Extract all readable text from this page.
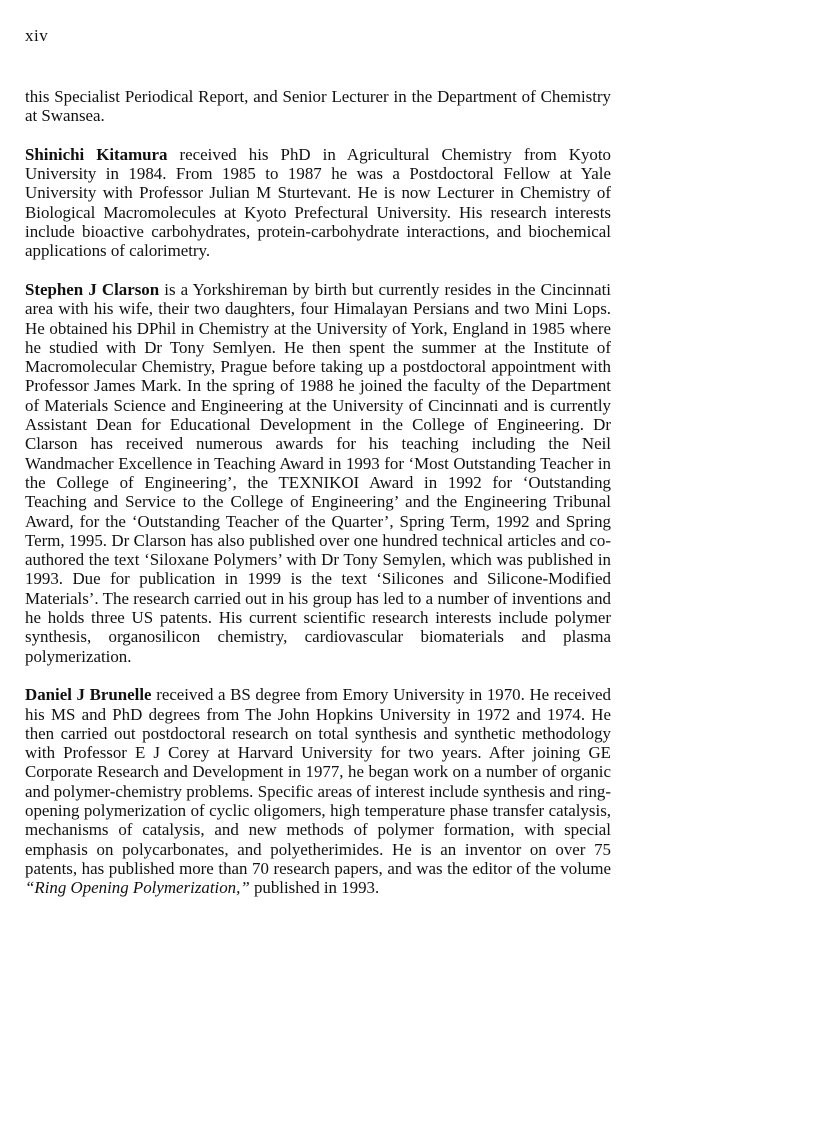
xiv

this Specialist Periodical Report, and Senior Lecturer in the Department of Chemistry at Swansea.

Shinichi Kitamura received his PhD in Agricultural Chemistry from Kyoto University in 1984. From 1985 to 1987 he was a Postdoctoral Fellow at Yale University with Professor Julian M Sturtevant. He is now Lecturer in Chemistry of Biological Macromolecules at Kyoto Prefectural University. His research interests include bioactive carbohydrates, protein-carbohydrate interactions, and biochemical applications of calorimetry.

Stephen J Clarson is a Yorkshireman by birth but currently resides in the Cincinnati area with his wife, their two daughters, four Himalayan Persians and two Mini Lops. He obtained his DPhil in Chemistry at the University of York, England in 1985 where he studied with Dr Tony Semlyen. He then spent the summer at the Institute of Macromolecular Chemistry, Prague before taking up a postdoctoral appointment with Professor James Mark. In the spring of 1988 he joined the faculty of the Department of Materials Science and Engineering at the University of Cincinnati and is currently Assistant Dean for Educational Development in the College of Engineering. Dr Clarson has received numerous awards for his teaching including the Neil Wandmacher Excellence in Teaching Award in 1993 for ‘Most Outstanding Teacher in the College of Engineering’, the TEXNIKOI Award in 1992 for ‘Outstanding Teaching and Service to the College of Engineering’ and the Engineering Tribunal Award, for the ‘Outstanding Teacher of the Quarter’, Spring Term, 1992 and Spring Term, 1995. Dr Clarson has also published over one hundred technical articles and co-authored the text ‘Siloxane Polymers’ with Dr Tony Semylen, which was published in 1993. Due for publication in 1999 is the text ‘Silicones and Silicone-Modified Materials’. The research carried out in his group has led to a number of inventions and he holds three US patents. His current scientific research interests include polymer synthesis, organosilicon chemistry, cardiovascular biomaterials and plasma polymerization.

Daniel J Brunelle received a BS degree from Emory University in 1970. He received his MS and PhD degrees from The John Hopkins University in 1972 and 1974. He then carried out postdoctoral research on total synthesis and synthetic methodology with Professor E J Corey at Harvard University for two years. After joining GE Corporate Research and Development in 1977, he began work on a number of organic and polymer-chemistry problems. Specific areas of interest include synthesis and ring-opening polymerization of cyclic oligomers, high temperature phase transfer catalysis, mechanisms of catalysis, and new methods of polymer formation, with special emphasis on polycarbonates, and polyetherimides. He is an inventor on over 75 patents, has published more than 70 research papers, and was the editor of the volume “Ring Opening Polymerization,” published in 1993.
